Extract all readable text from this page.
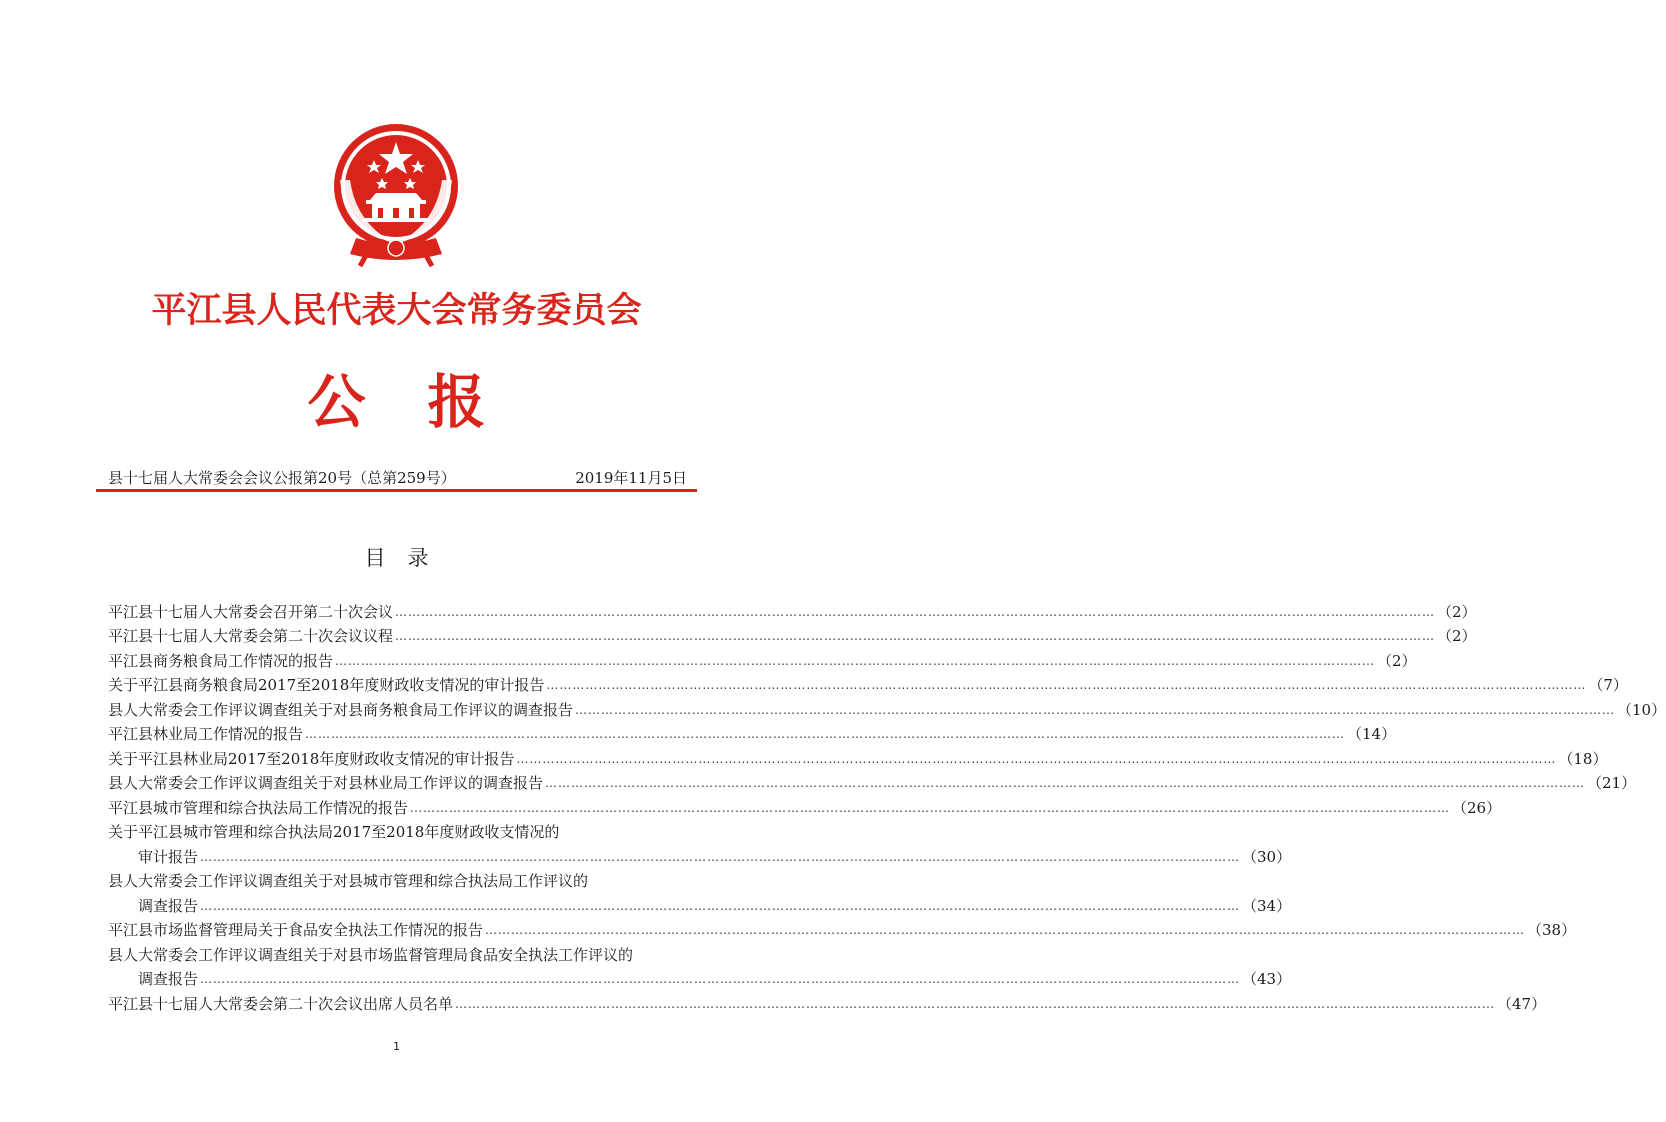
平江县人民代表大会常务委员会
公报
县十七届人大常委会会议公报第20号（总第259号）	2019年11月5日
目录
平江县十七届人大常委会召开第二十次会议 …………………………………………………………………………………………………………………………………………………………………………………………………………………… （2）
平江县十七届人大常委会第二十次会议议程 …………………………………………………………………………………………………………………………………………………………………………………………………………………… （2）
平江县商务粮食局工作情况的报告 …………………………………………………………………………………………………………………………………………………………………………………………………………………… （2）
关于平江县商务粮食局2017至2018年度财政收支情况的审计报告 …………………………………………………………………………………………………………………………………………………………………………………………………………………… （7）
县人大常委会工作评议调查组关于对县商务粮食局工作评议的调查报告 …………………………………………………………………………………………………………………………………………………………………………………………………………………… （10）
平江县林业局工作情况的报告 …………………………………………………………………………………………………………………………………………………………………………………………………………………… （14）
关于平江县林业局2017至2018年度财政收支情况的审计报告 …………………………………………………………………………………………………………………………………………………………………………………………………………………… （18）
县人大常委会工作评议调查组关于对县林业局工作评议的调查报告 …………………………………………………………………………………………………………………………………………………………………………………………………………………… （21）
平江县城市管理和综合执法局工作情况的报告 …………………………………………………………………………………………………………………………………………………………………………………………………………………… （26）
关于平江县城市管理和综合执法局2017至2018年度财政收支情况的
审计报告 …………………………………………………………………………………………………………………………………………………………………………………………………………………… （30）
县人大常委会工作评议调查组关于对县城市管理和综合执法局工作评议的
调查报告 …………………………………………………………………………………………………………………………………………………………………………………………………………………… （34）
平江县市场监督管理局关于食品安全执法工作情况的报告 …………………………………………………………………………………………………………………………………………………………………………………………………………………… （38）
县人大常委会工作评议调查组关于对县市场监督管理局食品安全执法工作评议的
调查报告 …………………………………………………………………………………………………………………………………………………………………………………………………………………… （43）
平江县十七届人大常委会第二十次会议出席人员名单 …………………………………………………………………………………………………………………………………………………………………………………………………………………… （47）
1
